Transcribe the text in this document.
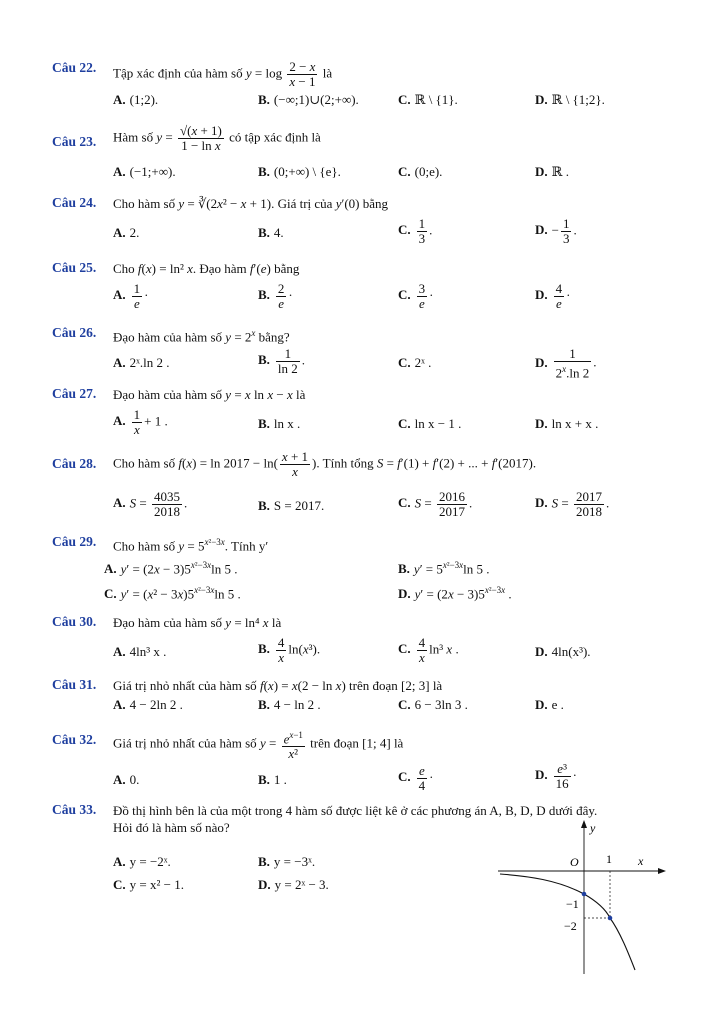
Câu 22. Tập xác định của hàm số $y = \log \frac{2 - x}{x - 1}$ là
A. (1;2).	B. (−∞;1)∪(2;+∞).	C. ℝ \ {1}.	D. ℝ \ {1;2}.
Câu 23. Hàm số $y = \frac{√(x + 1)}{\text{1 − ln x}}$ có tập xác định là
A. (−1;+∞).	B. (0;+∞) \ {e}.	C. (0;e).	D. ℝ .
Câu 24. Cho hàm số y = ∛(2x² − x + 1). Giá trị của y′(0) bằng
A. 2.	B. 4.	C. $\frac{1}{3}$ .	D. − $\frac{1}{3}$ .
Câu 25. Cho f(x) = ln² x. Đạo hàm f′(e) bằng
A. $\frac{1}{e}$ ·	B. $\frac{2}{e}$ ·	C. $\frac{3}{e}$ ·	D. $\frac{4}{e}$ ·
Câu 26. Đạo hàm của hàm số $y = 2^x$ bằng?
A. 2ˣ.ln 2 .	B. $\frac{1}{\ln 2}$ .	C. 2ˣ .	D. $\frac{1}{2^x.\ln 2}$ .
Câu 27. Đạo hàm của hàm số y = x ln x − x là
A. $\frac{1}{x} + 1$ .	B. ln x .	C. ln x − 1 .	D. ln x + x .
Câu 28. Cho hàm số $f(x) = \ln 2017 - \ln( \frac{x + 1}{x}$ ). Tính tổng S = f′(1) + f′(2) + ... + f′(2017).
A. $S = \frac{4035}{2018}$ .	B. S = 2017.	C. $S = \frac{2016}{2017}$ .	D. $S = \frac{2017}{2018}$ .
Câu 29. Cho hàm số $y = 5^{x^2-3x}$. Tính y′
A. $y' = (2x - 3)5^{x^2-3x}\ln$ 5 .	B. $y' = 5^{x^2-3x}\ln$ 5 .
C. $y' = (x^2 - 3x)5^{x^2-3x}\ln$ 5 .	D. $y' = (2x - 3)5^{x^2-3x}$ .
Câu 30. Đạo hàm của hàm số y = ln⁴ x là
A. 4ln³ x .	B. $\frac{4}{x} \ln(x^3)$.	C. $\frac{4}{x} \ln^3$ x .	D. 4ln(x³).
Câu 31. Giá trị nhỏ nhất của hàm số f(x) = x(2 − ln x) trên đoạn [2; 3] là
A. 4 − 2ln 2 .	B. 4 − ln 2 .	C. 6 − 3ln 3 .	D. e .
Câu 32. Giá trị nhỏ nhất của hàm số $y = \frac{e^{x-1}}{\text{x²}}$ trên đoạn [1; 4] là
A. 0.	B. 1 .	C. $\frac{e}{4}$ ·	D. $\frac{\text{e³}}{16}$ ·
Câu 33. Đồ thị hình bên là của một trong 4 hàm số được liệt kê ở các phương án A, B, D, D dưới đây.
Hỏi đó là hàm số nào?
A. y = −2ˣ.	B. y = −3ˣ.
C. y = x² − 1.	D. y = 2ˣ − 3.
y
x
O 1
−1
−2
